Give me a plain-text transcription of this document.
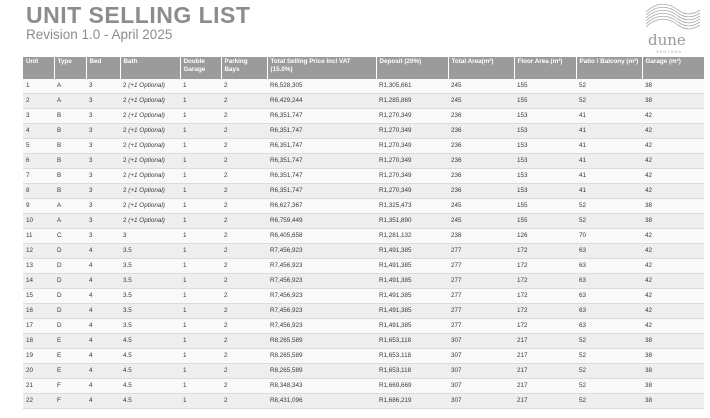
UNIT SELLING LIST
Revision 1.0 - April 2025	dune
SENTOSA
Unit	Type	Bed	Bath	Double Garage	Parking Bays	Total Selling Price Incl VAT (15.0%)	Deposit (20%)	Total Area(m²)	Floor Area (m²)	Patio / Balcony (m²)	Garage (m²)
1	A	3	2 (+1 Optional)	1	2	R6,528,305	R1,305,661	245	155	52	38
2	A	3	2 (+1 Optional)	1	2	R6,429,244	R1,285,869	245	155	52	38
3	B	3	2 (+1 Optional)	1	2	R6,351,747	R1,270,349	236	153	41	42
4	B	3	2 (+1 Optional)	1	2	R6,351,747	R1,270,349	236	153	41	42
5	B	3	2 (+1 Optional)	1	2	R6,351,747	R1,270,349	236	153	41	42
6	B	3	2 (+1 Optional)	1	2	R6,351,747	R1,270,349	236	153	41	42
7	B	3	2 (+1 Optional)	1	2	R6,351,747	R1,270,349	236	153	41	42
8	B	3	2 (+1 Optional)	1	2	R6,351,747	R1,270,349	236	153	41	42
9	A	3	2 (+1 Optional)	1	2	R6,627,367	R1,325,473	245	155	52	38
10	A	3	2 (+1 Optional)	1	2	R6,759,449	R1,351,890	245	155	52	38
11	C	3	3	1	2	R6,405,658	R1,281,132	238	126	70	42
12	D	4	3.5	1	2	R7,456,923	R1,491,385	277	172	63	42
13	D	4	3.5	1	2	R7,456,923	R1,491,385	277	172	63	42
14	D	4	3.5	1	2	R7,456,923	R1,491,385	277	172	63	42
15	D	4	3.5	1	2	R7,456,923	R1,491,385	277	172	63	42
16	D	4	3.5	1	2	R7,456,923	R1,491,385	277	172	63	42
17	D	4	3.5	1	2	R7,456,923	R1,491,385	277	172	63	42
18	E	4	4.5	1	2	R8,265,589	R1,653,118	307	217	52	38
19	E	4	4.5	1	2	R8,265,589	R1,653,118	307	217	52	38
20	E	4	4.5	1	2	R8,265,589	R1,653,118	307	217	52	38
21	F	4	4.5	1	2	R8,348,343	R1,669,669	307	217	52	38
22	F	4	4.5	1	2	R8,431,096	R1,686,219	307	217	52	38
